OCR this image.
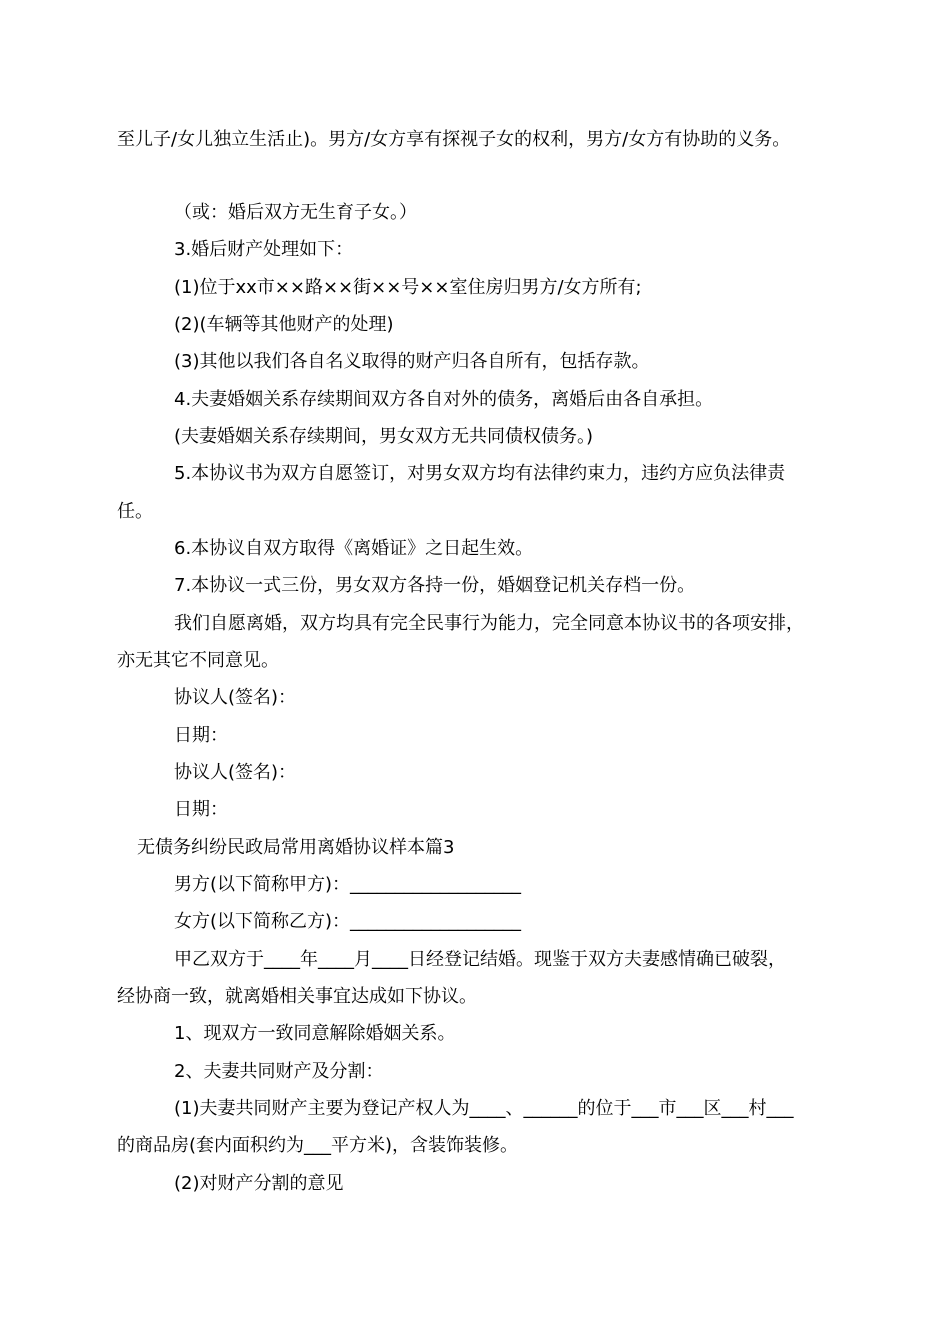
至儿子/女儿独立生活止)。男方/女方享有探视子女的权利，男方/女方有协助的义务。

（或：婚后双方无生育子女。）

3.婚后财产处理如下：

(1)位于xx市××路××街××号××室住房归男方/女方所有;

(2)(车辆等其他财产的处理)

(3)其他以我们各自名义取得的财产归各自所有，包括存款。

4.夫妻婚姻关系存续期间双方各自对外的债务，离婚后由各自承担。

(夫妻婚姻关系存续期间，男女双方无共同债权债务。)

5.本协议书为双方自愿签订，对男女双方均有法律约束力，违约方应负法律责

任。

6.本协议自双方取得《离婚证》之日起生效。

7.本协议一式三份，男女双方各持一份，婚姻登记机关存档一份。

我们自愿离婚，双方均具有完全民事行为能力，完全同意本协议书的各项安排，

亦无其它不同意见。

协议人(签名)：

日期：

协议人(签名)：

日期：

无债务纠纷民政局常用离婚协议样本篇3

男方(以下简称甲方)：___________________

女方(以下简称乙方)：___________________

甲乙双方于____年____月____日经登记结婚。现鉴于双方夫妻感情确已破裂，

经协商一致，就离婚相关事宜达成如下协议。

1、现双方一致同意解除婚姻关系。

2、夫妻共同财产及分割：

(1)夫妻共同财产主要为登记产权人为____、______的位于___市___区___村___

的商品房(套内面积约为___平方米)，含装饰装修。

(2)对财产分割的意见
